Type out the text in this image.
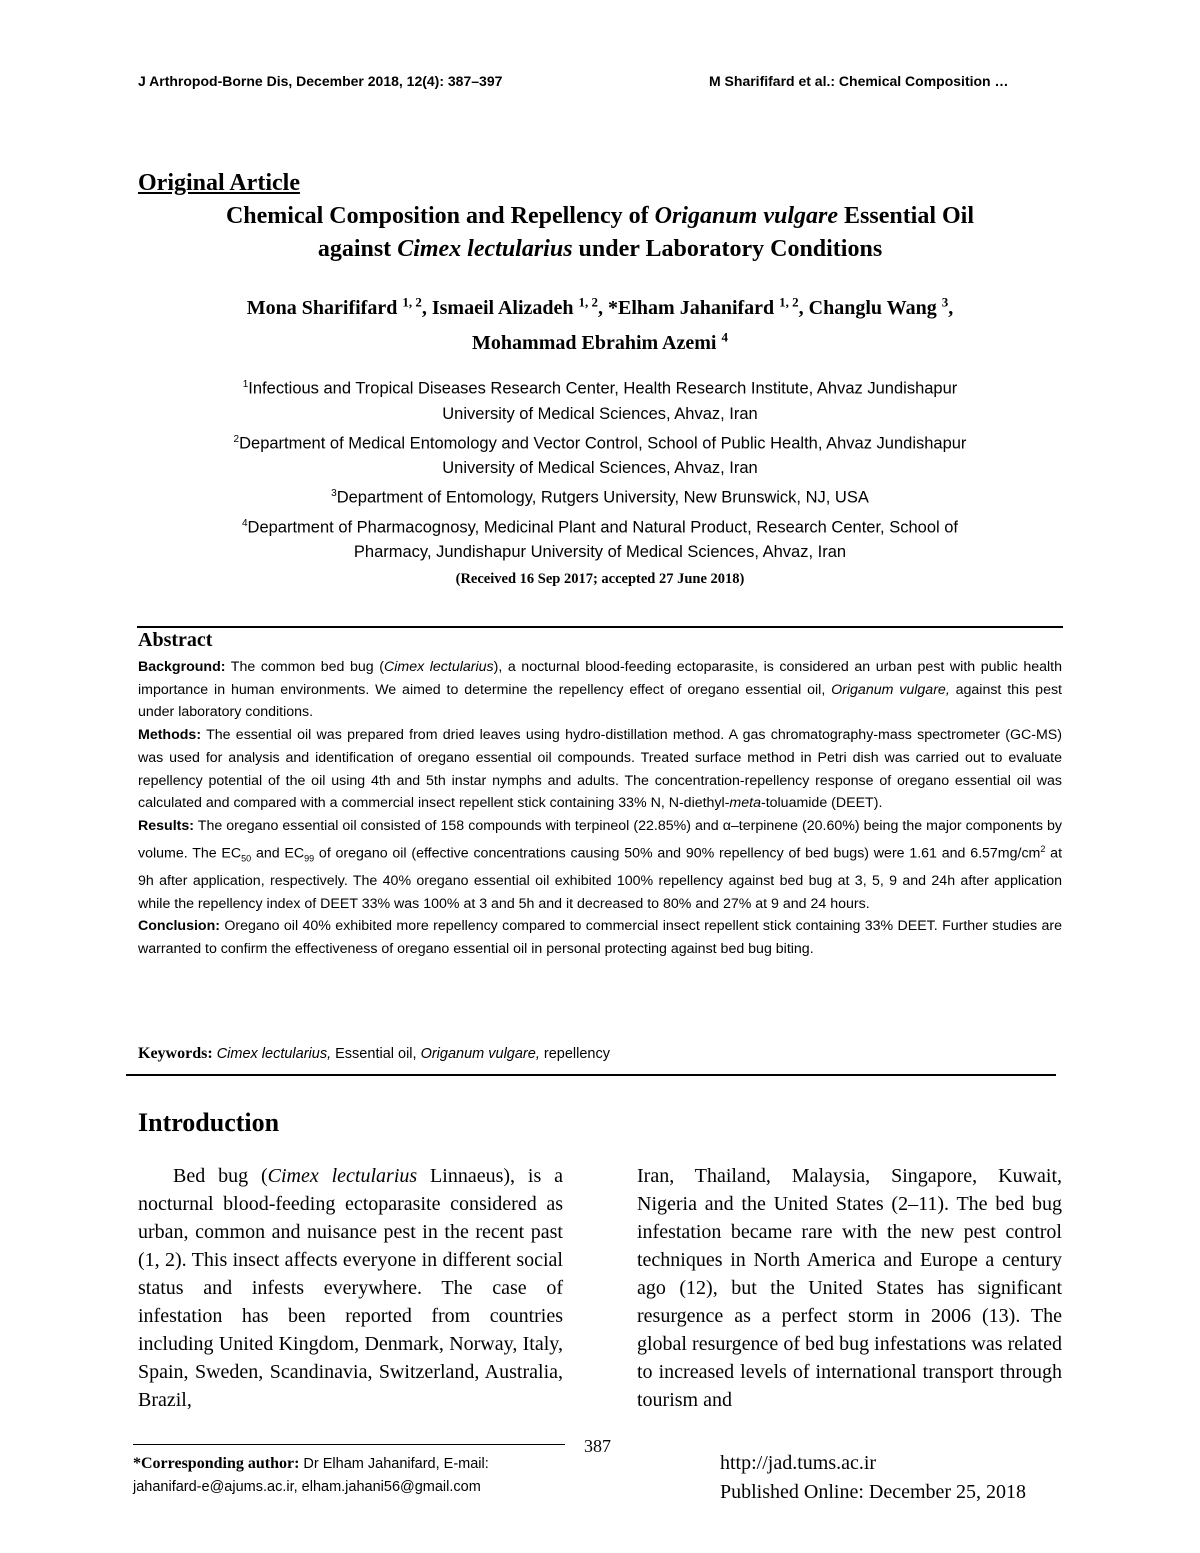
J Arthropod-Borne Dis, December 2018, 12(4): 387–397	M Sharififard et al.: Chemical Composition …
Original Article
Chemical Composition and Repellency of Origanum vulgare Essential Oil
against Cimex lectularius under Laboratory Conditions
Mona Sharififard $^{1, 2}$, Ismaeil Alizadeh $^{1, 2}$, *Elham Jahanifard $^{1, 2}$, Changlu Wang $^3$,
Mohammad Ebrahim Azemi $^4$
$^1$Infectious and Tropical Diseases Research Center, Health Research Institute, Ahvaz Jundishapur
University of Medical Sciences, Ahvaz, Iran
$^2$Department of Medical Entomology and Vector Control, School of Public Health, Ahvaz Jundishapur
University of Medical Sciences, Ahvaz, Iran
$^3$Department of Entomology, Rutgers University, New Brunswick, NJ, USA
$^4$Department of Pharmacognosy, Medicinal Plant and Natural Product, Research Center, School of
Pharmacy, Jundishapur University of Medical Sciences, Ahvaz, Iran
(Received 16 Sep 2017; accepted 27 June 2018)
Abstract

Background: The common bed bug (Cimex lectularius), a nocturnal blood-feeding ectoparasite, is considered an urban pest with public health importance in human environments. We aimed to determine the repellency effect of oregano essential oil, Origanum vulgare, against this pest under laboratory conditions.

Methods: The essential oil was prepared from dried leaves using hydro-distillation method. A gas chromatography-mass spectrometer (GC-MS) was used for analysis and identification of oregano essential oil compounds. Treated surface method in Petri dish was carried out to evaluate repellency potential of the oil using 4th and 5th instar nymphs and adults. The concentration-repellency response of oregano essential oil was calculated and compared with a commercial insect repellent stick containing 33% N, N-diethyl-meta-toluamide (DEET).

Results: The oregano essential oil consisted of 158 compounds with terpineol (22.85%) and α–terpinene (20.60%) being the major components by volume. The $EC_{50}$ and $EC_{99}$ of oregano oil (effective concentrations causing 50% and 90% repellency of bed bugs) were 1.61 and $6.57mg/cm^2$ at 9h after application, respectively. The 40% oregano essential oil exhibited 100% repellency against bed bug at 3, 5, 9 and 24h after application while the repellency index of DEET 33% was 100% at 3 and 5h and it decreased to 80% and 27% at 9 and 24 hours.

Conclusion: Oregano oil 40% exhibited more repellency compared to commercial insect repellent stick containing 33% DEET. Further studies are warranted to confirm the effectiveness of oregano essential oil in personal protecting against bed bug biting.

Keywords: Cimex lectularius, Essential oil, Origanum vulgare, repellency
Introduction
Bed bug (Cimex lectularius Linnaeus), is a nocturnal blood-feeding ectoparasite considered as urban, common and nuisance pest in the recent past (1, 2). This insect affects everyone in different social status and infests everywhere. The case of infestation has been reported from countries including United Kingdom, Denmark, Norway, Italy, Spain, Sweden, Scandinavia, Switzerland, Australia, Brazil,
Iran, Thailand, Malaysia, Singapore, Kuwait, Nigeria and the United States (2–11). The bed bug infestation became rare with the new pest control techniques in North America and Europe a century ago (12), but the United States has significant resurgence as a perfect storm in 2006 (13). The global resurgence of bed bug infestations was related to increased levels of international transport through tourism and
387
*Corresponding author: Dr Elham Jahanifard, E-mail:
jahanifard-e@ajums.ac.ir, elham.jahani56@gmail.com
http://jad.tums.ac.ir
Published Online: December 25, 2018
